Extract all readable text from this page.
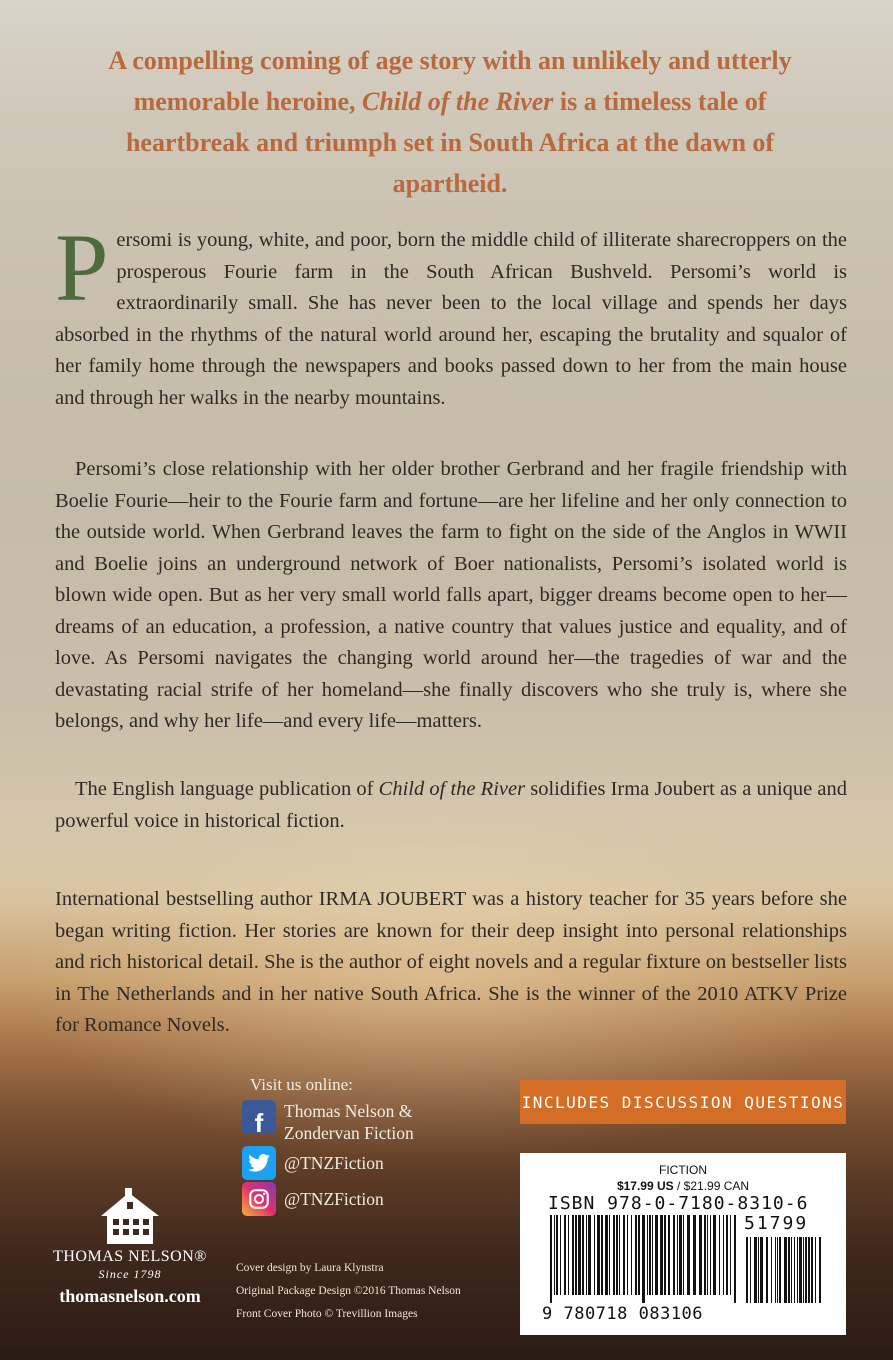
A compelling coming of age story with an unlikely and utterly memorable heroine, Child of the River is a timeless tale of heartbreak and triumph set in South Africa at the dawn of apartheid.
Persomi is young, white, and poor, born the middle child of illiterate sharecroppers on the prosperous Fourie farm in the South African Bushveld. Persomi’s world is extraordinarily small. She has never been to the local village and spends her days absorbed in the rhythms of the natural world around her, escaping the brutality and squalor of her family home through the newspapers and books passed down to her from the main house and through her walks in the nearby mountains.
Persomi’s close relationship with her older brother Gerbrand and her fragile friendship with Boelie Fourie—heir to the Fourie farm and fortune—are her lifeline and her only connection to the outside world. When Gerbrand leaves the farm to fight on the side of the Anglos in WWII and Boelie joins an underground network of Boer nationalists, Persomi’s isolated world is blown wide open. But as her very small world falls apart, bigger dreams become open to her—dreams of an education, a profession, a native country that values justice and equality, and of love. As Persomi navigates the changing world around her—the tragedies of war and the devastating racial strife of her homeland—she finally discovers who she truly is, where she belongs, and why her life—and every life—matters.
The English language publication of Child of the River solidifies Irma Joubert as a unique and powerful voice in historical fiction.
International bestselling author IRMA JOUBERT was a history teacher for 35 years before she began writing fiction. Her stories are known for their deep insight into personal relationships and rich historical detail. She is the author of eight novels and a regular fixture on bestseller lists in The Netherlands and in her native South Africa. She is the winner of the 2010 ATKV Prize for Romance Novels.
Visit us online:
f	Thomas Nelson &
Zondervan Fiction
@TNZFiction
@TNZFiction
THOMAS NELSON®
Since 1798
thomasnelson.com
Cover design by Laura Klynstra
Original Package Design ©2016 Thomas Nelson
Front Cover Photo © Trevillion Images
INCLUDES DISCUSSION QUESTIONS
FICTION
$17.99 US / $21.99 CAN
ISBN 978-0-7180-8310-6
51799
9 780718 083106
